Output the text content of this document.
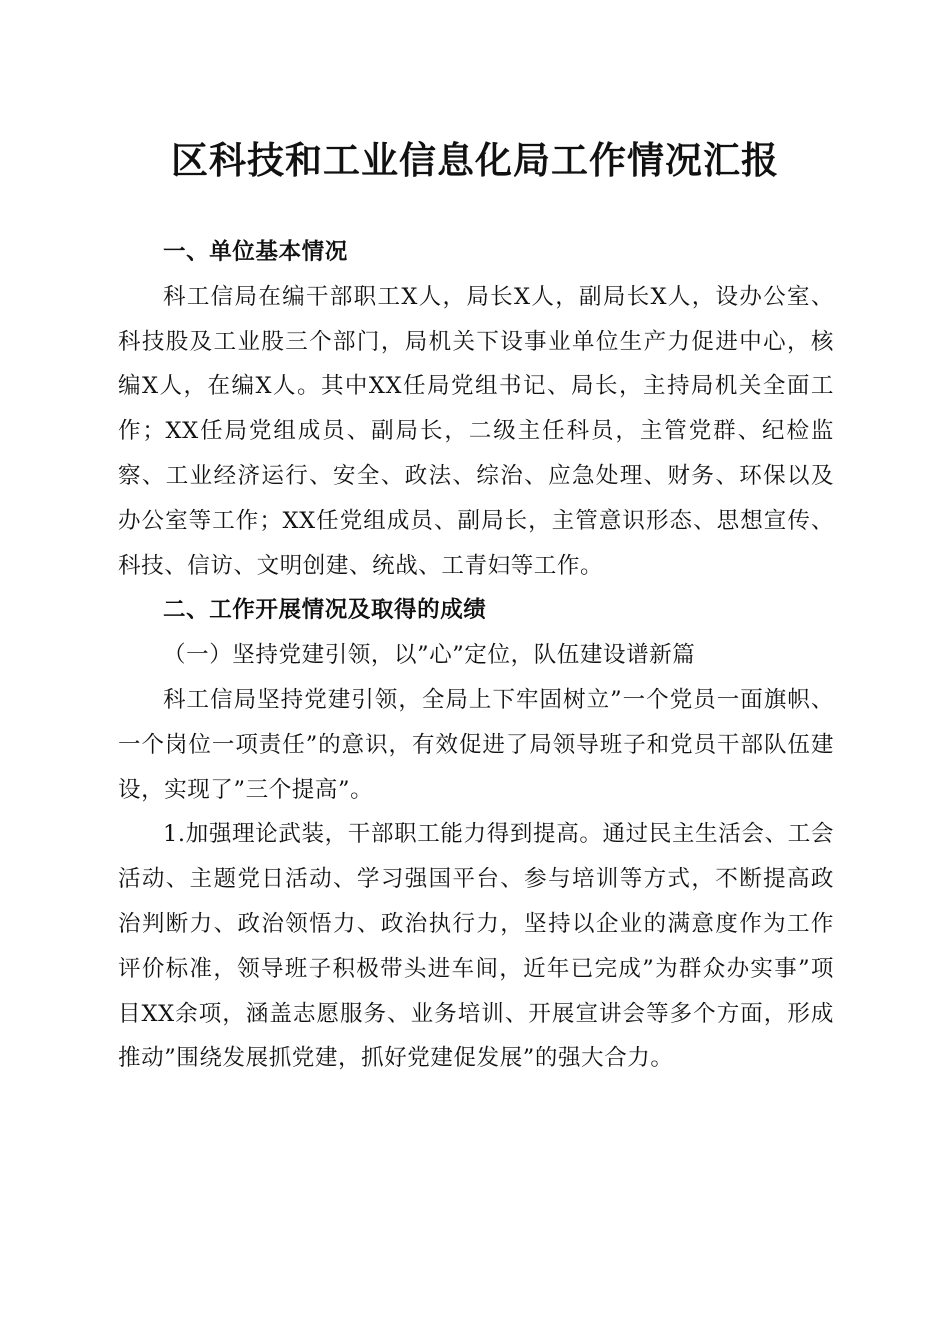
区科技和工业信息化局工作情况汇报

一、单位基本情况

科工信局在编干部职工X人，局长X人，副局长X人，设办公室、科技股及工业股三个部门，局机关下设事业单位生产力促进中心，核编X人，在编X人。其中XX任局党组书记、局长，主持局机关全面工作；XX任局党组成员、副局长，二级主任科员，主管党群、纪检监察、工业经济运行、安全、政法、综治、应急处理、财务、环保以及办公室等工作；XX任党组成员、副局长，主管意识形态、思想宣传、科技、信访、文明创建、统战、工青妇等工作。

二、工作开展情况及取得的成绩

（一）坚持党建引领，以”心”定位，队伍建设谱新篇

科工信局坚持党建引领，全局上下牢固树立”一个党员一面旗帜、一个岗位一项责任”的意识，有效促进了局领导班子和党员干部队伍建设，实现了”三个提高”。

1.加强理论武装，干部职工能力得到提高。通过民主生活会、工会活动、主题党日活动、学习强国平台、参与培训等方式，不断提高政治判断力、政治领悟力、政治执行力，坚持以企业的满意度作为工作评价标准，领导班子积极带头进车间，近年已完成”为群众办实事”项目XX余项，涵盖志愿服务、业务培训、开展宣讲会等多个方面，形成推动”围绕发展抓党建，抓好党建促发展”的强大合力。
